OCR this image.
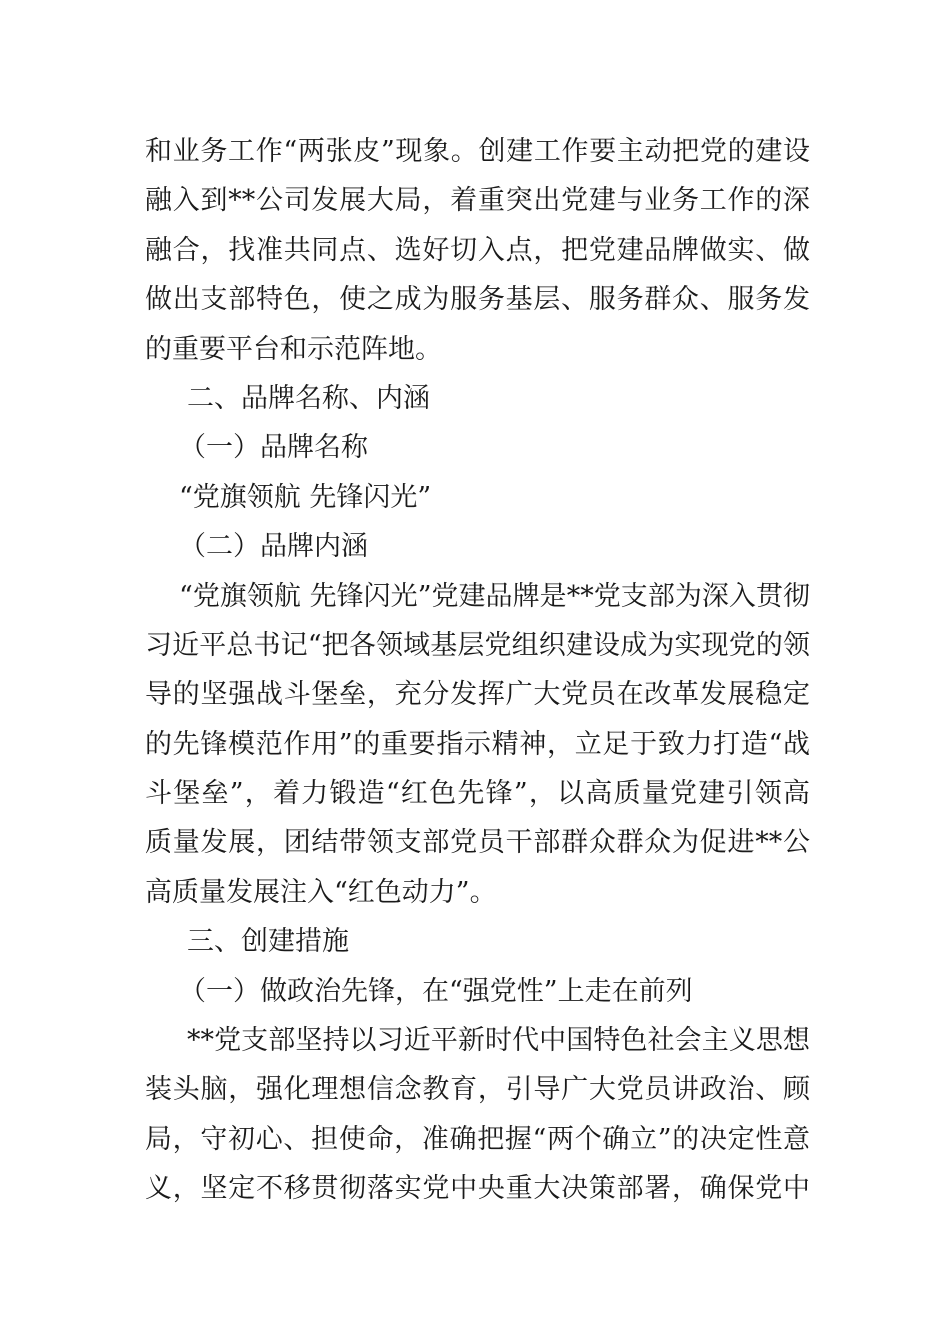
和业务工作“两张皮”现象。创建工作要主动把党的建设
融入到**公司发展大局，着重突出党建与业务工作的深
融合，找准共同点、选好切入点，把党建品牌做实、做
做出支部特色，使之成为服务基层、服务群众、服务发
的重要平台和示范阵地。
二、品牌名称、内涵
（一）品牌名称
“党旗领航 先锋闪光”
（二）品牌内涵
“党旗领航 先锋闪光”党建品牌是**党支部为深入贯彻
习近平总书记“把各领域基层党组织建设成为实现党的领
导的坚强战斗堡垒，充分发挥广大党员在改革发展稳定
的先锋模范作用”的重要指示精神，立足于致力打造“战
斗堡垒”，着力锻造“红色先锋”，以高质量党建引领高
质量发展，团结带领支部党员干部群众群众为促进**公
高质量发展注入“红色动力”。
三、创建措施
（一）做政治先锋，在“强党性”上走在前列
**党支部坚持以习近平新时代中国特色社会主义思想
装头脑，强化理想信念教育，引导广大党员讲政治、顾
局，守初心、担使命，准确把握“两个确立”的决定性意
义，坚定不移贯彻落实党中央重大决策部署，确保党中
